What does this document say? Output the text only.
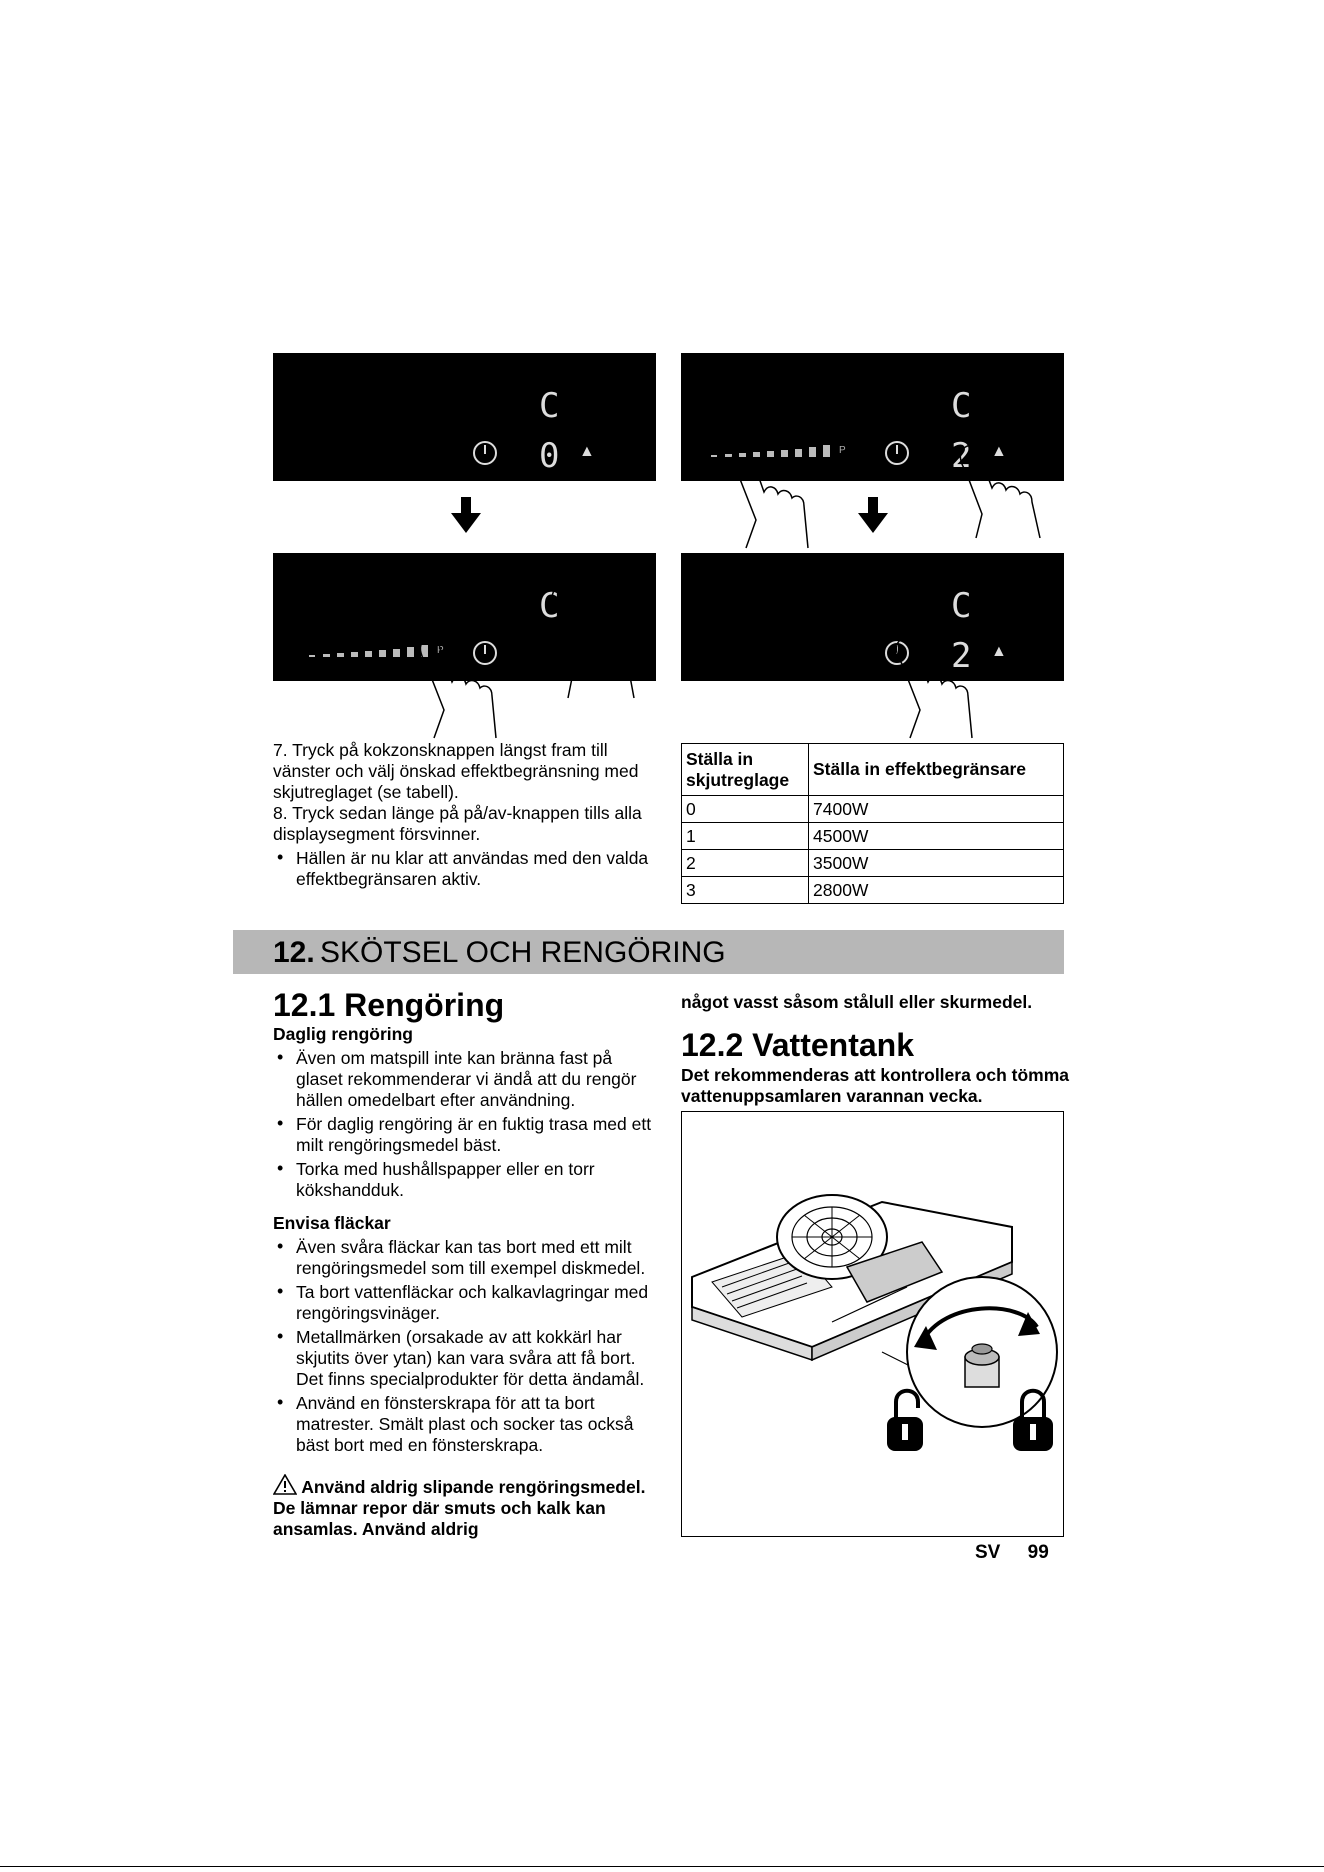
C
0 ▲
C
P	2 ▲
C
P
C
2 ▲
7. Tryck på kokzonsknappen längst fram till vänster och välj önskad effektbegränsning med skjutreglaget (se tabell).
8. Tryck sedan länge på på/av-knappen tills alla displaysegment försvinner.
• Hällen är nu klar att användas med den valda effektbegränsaren aktiv.
Ställa in skjutreglage	Ställa in effektbegränsare
0	7400W
1	4500W
2	3500W
3	2800W
12. SKÖTSEL OCH RENGÖRING
12.1 Rengöring
Daglig rengöring
• Även om matspill inte kan bränna fast på glaset rekommenderar vi ändå att du rengör hällen omedelbart efter användning.
• För daglig rengöring är en fuktig trasa med ett milt rengöringsmedel bäst.
• Torka med hushållspapper eller en torr kökshandduk.
Envisa fläckar
• Även svåra fläckar kan tas bort med ett milt rengöringsmedel som till exempel diskmedel.
• Ta bort vattenfläckar och kalkavlagringar med rengöringsvinäger.
• Metallmärken (orsakade av att kokkärl har skjutits över ytan) kan vara svåra att få bort. Det finns specialprodukter för detta ändamål.
• Använd en fönsterskrapa för att ta bort matrester. Smält plast och socker tas också bäst bort med en fönsterskrapa.
Använd aldrig slipande rengöringsmedel. De lämnar repor där smuts och kalk kan ansamlas. Använd aldrig
något vasst såsom stålull eller skurmedel.
12.2 Vattentank
Det rekommenderas att kontrollera och tömma vattenuppsamlaren varannan vecka.
SV 99
